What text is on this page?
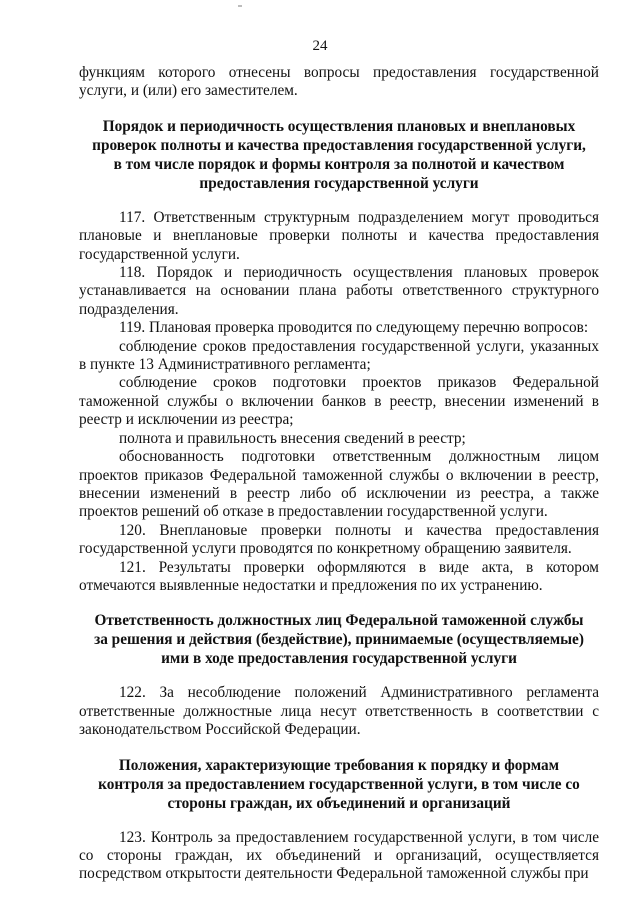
24

функциям которого отнесены вопросы предоставления государственной услуги, и (или) его заместителем.

Порядок и периодичность осуществления плановых и внеплановых проверок полноты и качества предоставления государственной услуги, в том числе порядок и формы контроля за полнотой и качеством предоставления государственной услуги

117. Ответственным структурным подразделением могут проводиться плановые и внеплановые проверки полноты и качества предоставления государственной услуги.

118. Порядок и периодичность осуществления плановых проверок устанавливается на основании плана работы ответственного структурного подразделения.

119. Плановая проверка проводится по следующему перечню вопросов:

соблюдение сроков предоставления государственной услуги, указанных в пункте 13 Административного регламента;

соблюдение сроков подготовки проектов приказов Федеральной таможенной службы о включении банков в реестр, внесении изменений в реестр и исключении из реестра;

полнота и правильность внесения сведений в реестр;

обоснованность подготовки ответственным должностным лицом проектов приказов Федеральной таможенной службы о включении в реестр, внесении изменений в реестр либо об исключении из реестра, а также проектов решений об отказе в предоставлении государственной услуги.

120. Внеплановые проверки полноты и качества предоставления государственной услуги проводятся по конкретному обращению заявителя.

121. Результаты проверки оформляются в виде акта, в котором отмечаются выявленные недостатки и предложения по их устранению.

Ответственность должностных лиц Федеральной таможенной службы за решения и действия (бездействие), принимаемые (осуществляемые) ими в ходе предоставления государственной услуги

122. За несоблюдение положений Административного регламента ответственные должностные лица несут ответственность в соответствии с законодательством Российской Федерации.

Положения, характеризующие требования к порядку и формам контроля за предоставлением государственной услуги, в том числе со стороны граждан, их объединений и организаций

123. Контроль за предоставлением государственной услуги, в том числе со стороны граждан, их объединений и организаций, осуществляется посредством открытости деятельности Федеральной таможенной службы при
